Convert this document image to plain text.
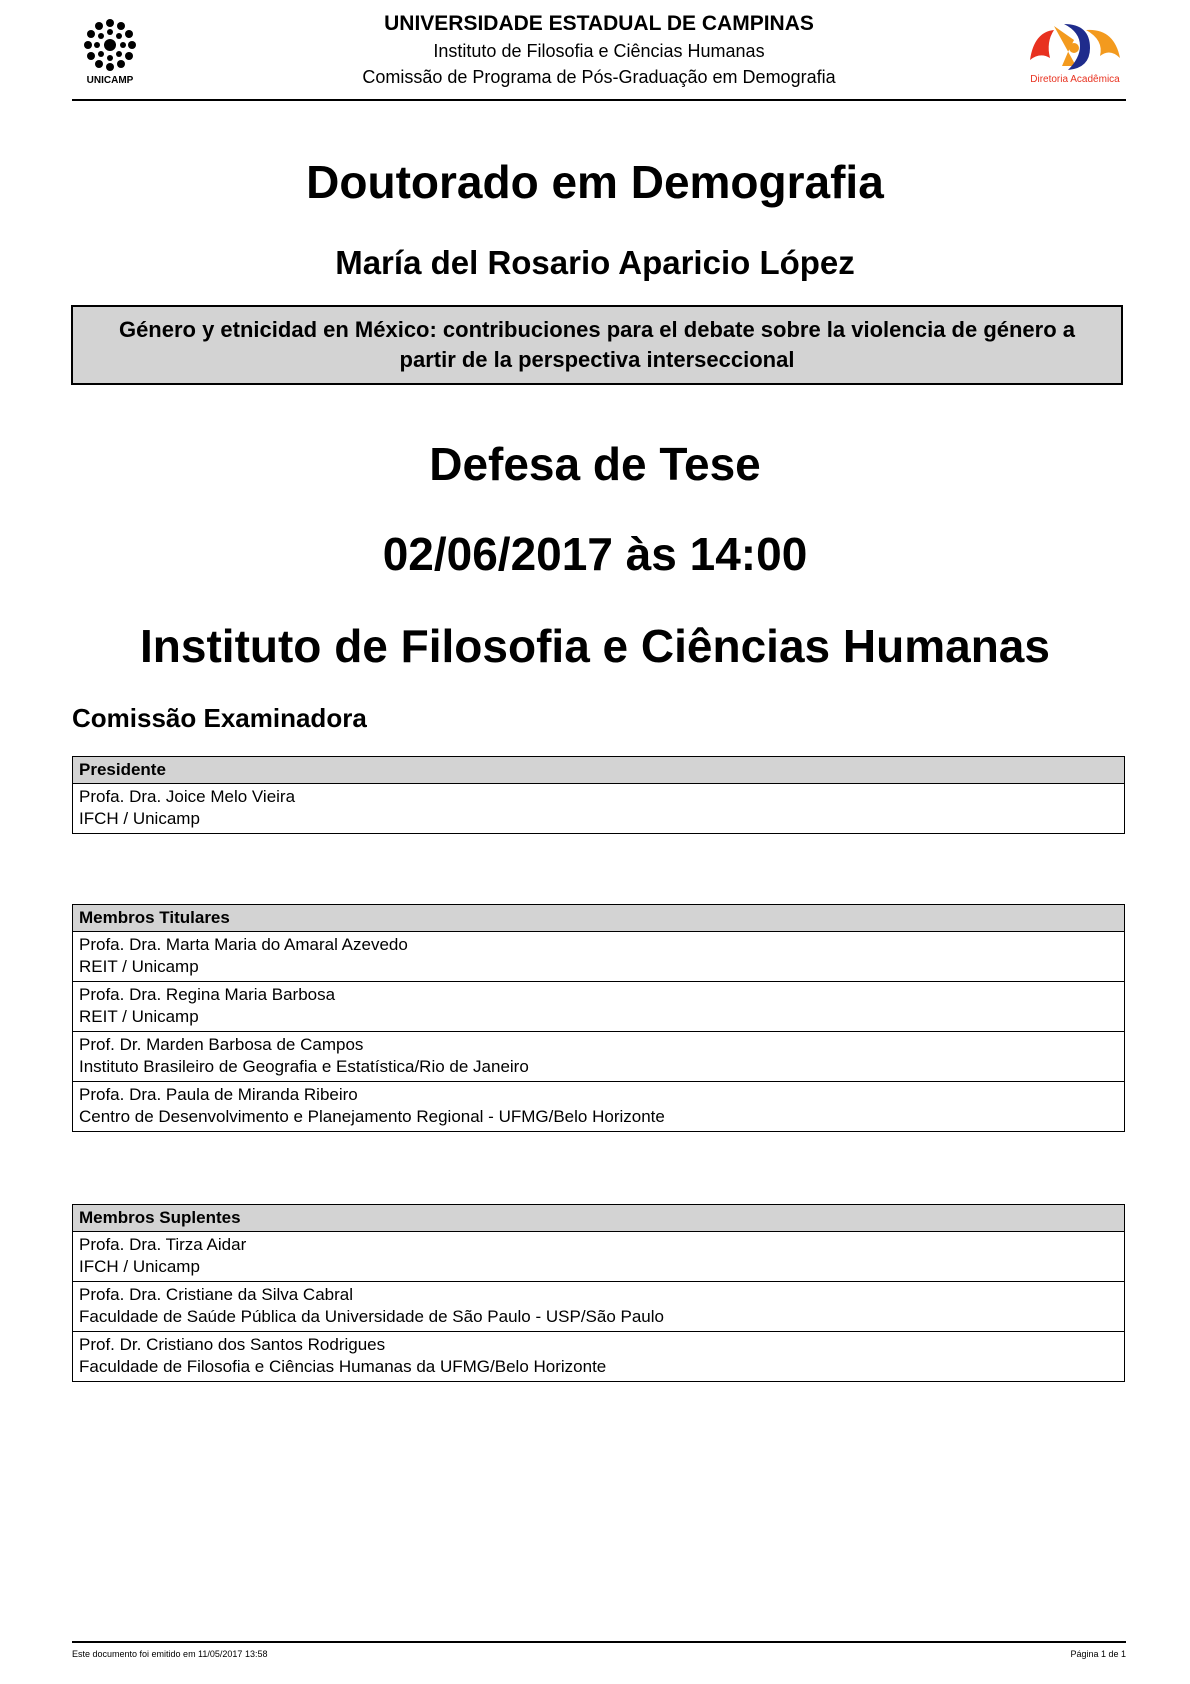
UNICAMP
UNIVERSIDADE ESTADUAL DE CAMPINAS
Instituto de Filosofia e Ciências Humanas
Comissão de Programa de Pós-Graduação em Demografia	Diretoria Acadêmica
Doutorado em Demografia
María del Rosario Aparicio López
Género y etnicidad en México: contribuciones para el debate sobre la violencia de género a partir de la perspectiva interseccional
Defesa de Tese
02/06/2017 às 14:00
Instituto de Filosofia e Ciências Humanas
Comissão Examinadora
Presidente
Profa. Dra. Joice Melo Vieira
IFCH / Unicamp
Membros Titulares
Profa. Dra. Marta Maria do Amaral Azevedo
REIT / Unicamp
Profa. Dra. Regina Maria Barbosa
REIT / Unicamp
Prof. Dr. Marden Barbosa de Campos
Instituto Brasileiro de Geografia e Estatística/Rio de Janeiro
Profa. Dra. Paula de Miranda Ribeiro
Centro de Desenvolvimento e Planejamento Regional - UFMG/Belo Horizonte
Membros Suplentes
Profa. Dra. Tirza Aidar
IFCH / Unicamp
Profa. Dra. Cristiane da Silva Cabral
Faculdade de Saúde Pública da Universidade de São Paulo - USP/São Paulo
Prof. Dr. Cristiano dos Santos Rodrigues
Faculdade de Filosofia e Ciências Humanas da UFMG/Belo Horizonte
Este documento foi emitido em 11/05/2017 13:58	Página 1 de 1
